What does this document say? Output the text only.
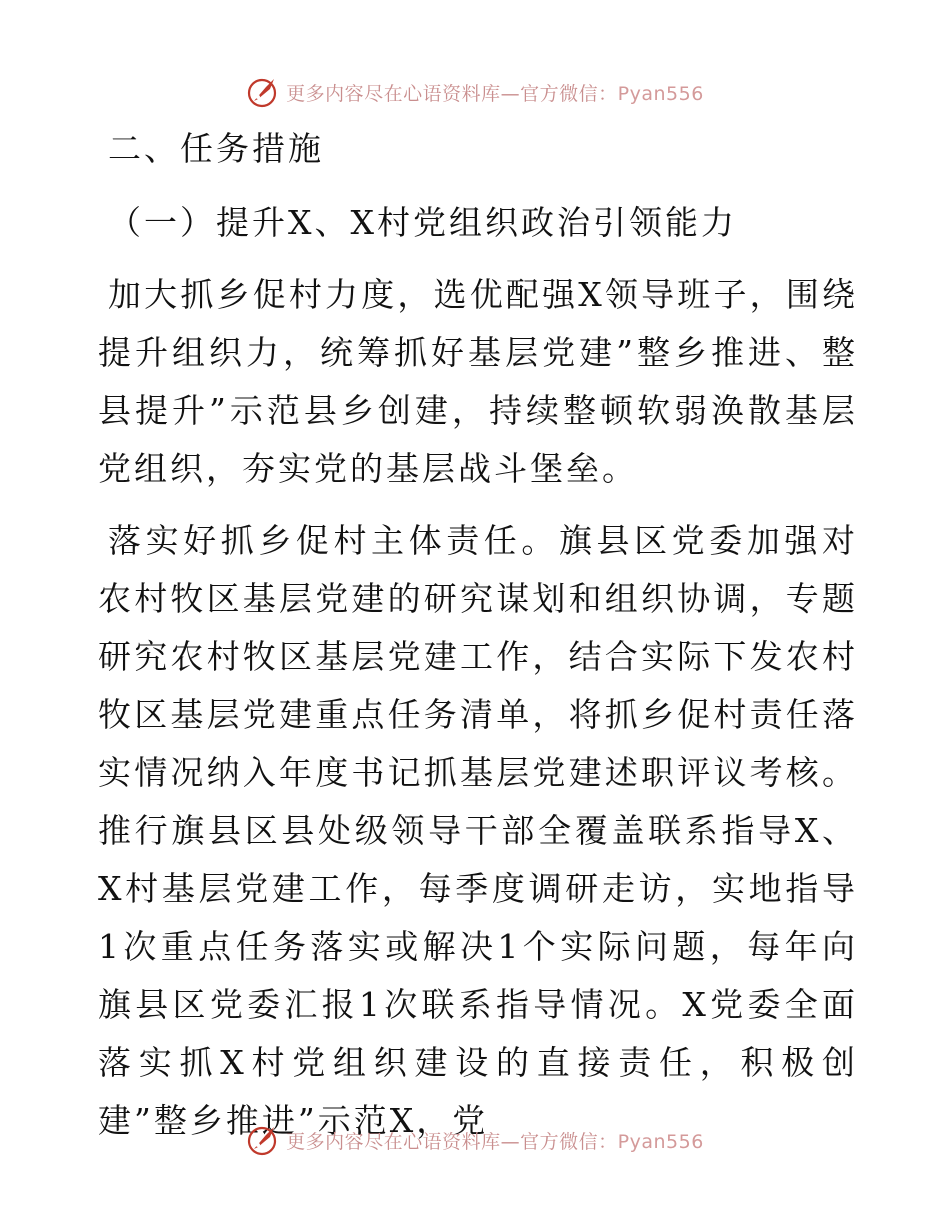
更多内容尽在心语资料库—官方微信：Pyan556

二、任务措施

（一）提升X、X村党组织政治引领能力

加大抓乡促村力度，选优配强X领导班子，围绕提升组织力，统筹抓好基层党建”整乡推进、整县提升”示范县乡创建，持续整顿软弱涣散基层党组织，夯实党的基层战斗堡垒。

落实好抓乡促村主体责任。旗县区党委加强对农村牧区基层党建的研究谋划和组织协调，专题研究农村牧区基层党建工作，结合实际下发农村牧区基层党建重点任务清单，将抓乡促村责任落实情况纳入年度书记抓基层党建述职评议考核。推行旗县区县处级领导干部全覆盖联系指导X、X村基层党建工作，每季度调研走访，实地指导1次重点任务落实或解决1个实际问题，每年向旗县区党委汇报1次联系指导情况。X党委全面落实抓X村党组织建设的直接责任，积极创建”整乡推进”示范X，党

更多内容尽在心语资料库—官方微信：Pyan556
